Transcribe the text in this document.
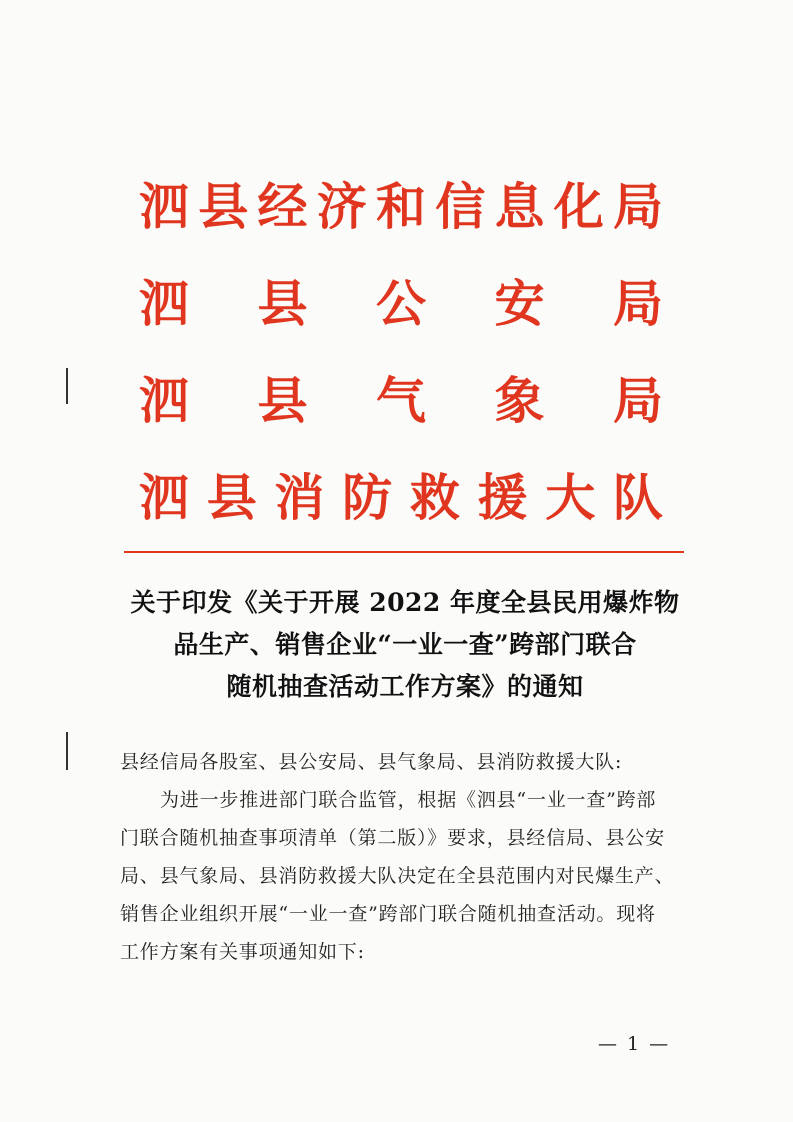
泗 县 经 济 和 信 息 化 局
泗 县 公 安 局
泗 县 气 象 局
泗 县 消 防 救 援 大 队
关于印发《关于开展 2022 年度全县民用爆炸物
品生产、销售企业“一业一查”跨部门联合
随机抽查活动工作方案》的通知
县经信局各股室、县公安局、县气象局、县消防救援大队:
为进一步推进部门联合监管，根据《泗县“一业一查”跨部
门联合随机抽查事项清单（第二版）》要求，县经信局、县公安
局、县气象局、县消防救援大队决定在全县范围内对民爆生产、
销售企业组织开展“一业一查”跨部门联合随机抽查活动。现将
工作方案有关事项通知如下:
— 1 —
